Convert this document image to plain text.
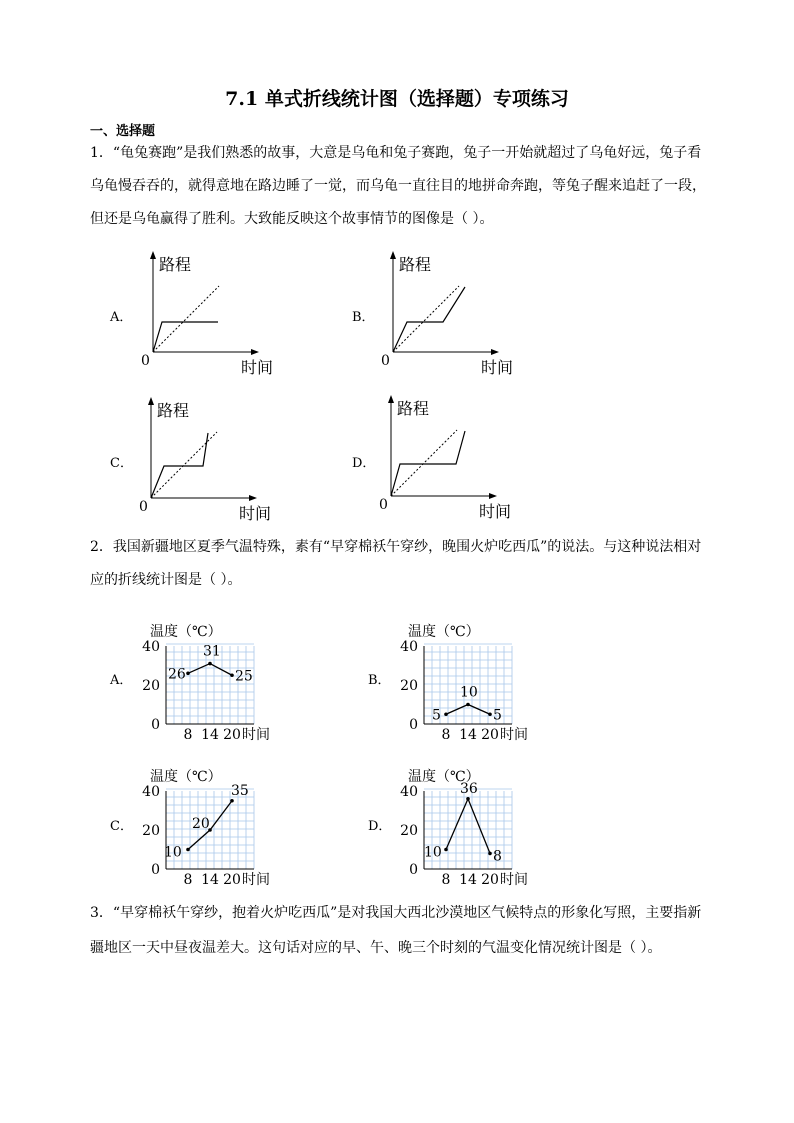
7.1 单式折线统计图（选择题）专项练习
一、选择题
1．“龟兔赛跑”是我们熟悉的故事，大意是乌龟和兔子赛跑，兔子一开始就超过了乌龟好远，兔子看乌龟慢吞吞的，就得意地在路边睡了一觉，而乌龟一直往目的地拼命奔跑，等兔子醒来追赶了一段，但还是乌龟赢得了胜利。大致能反映这个故事情节的图像是（ ）。
2．我国新疆地区夏季气温特殊，素有“早穿棉袄午穿纱，晚围火炉吃西瓜”的说法。与这种说法相对应的折线统计图是（ ）。
3．“早穿棉袄午穿纱，抱着火炉吃西瓜”是对我国大西北沙漠地区气候特点的形象化写照，主要指新疆地区一天中昼夜温差大。这句话对应的早、午、晚三个时刻的气温变化情况统计图是（ ）。
A．
路程
时间
0
B．
路程
时间
0
C．
路程
时间
0
D．
路程
时间
0
A．
温度（℃）
0
20
40
8 14 20 时间
26
31
25	B．
温度（℃）
0
20
40
8 14 20 时间
5
10
5
C．
温度（℃）
0
20
40
8 14 20 时间
10
20
35
D．
温度（℃）
0
20
40
8 14 20 时间
10
36
8
